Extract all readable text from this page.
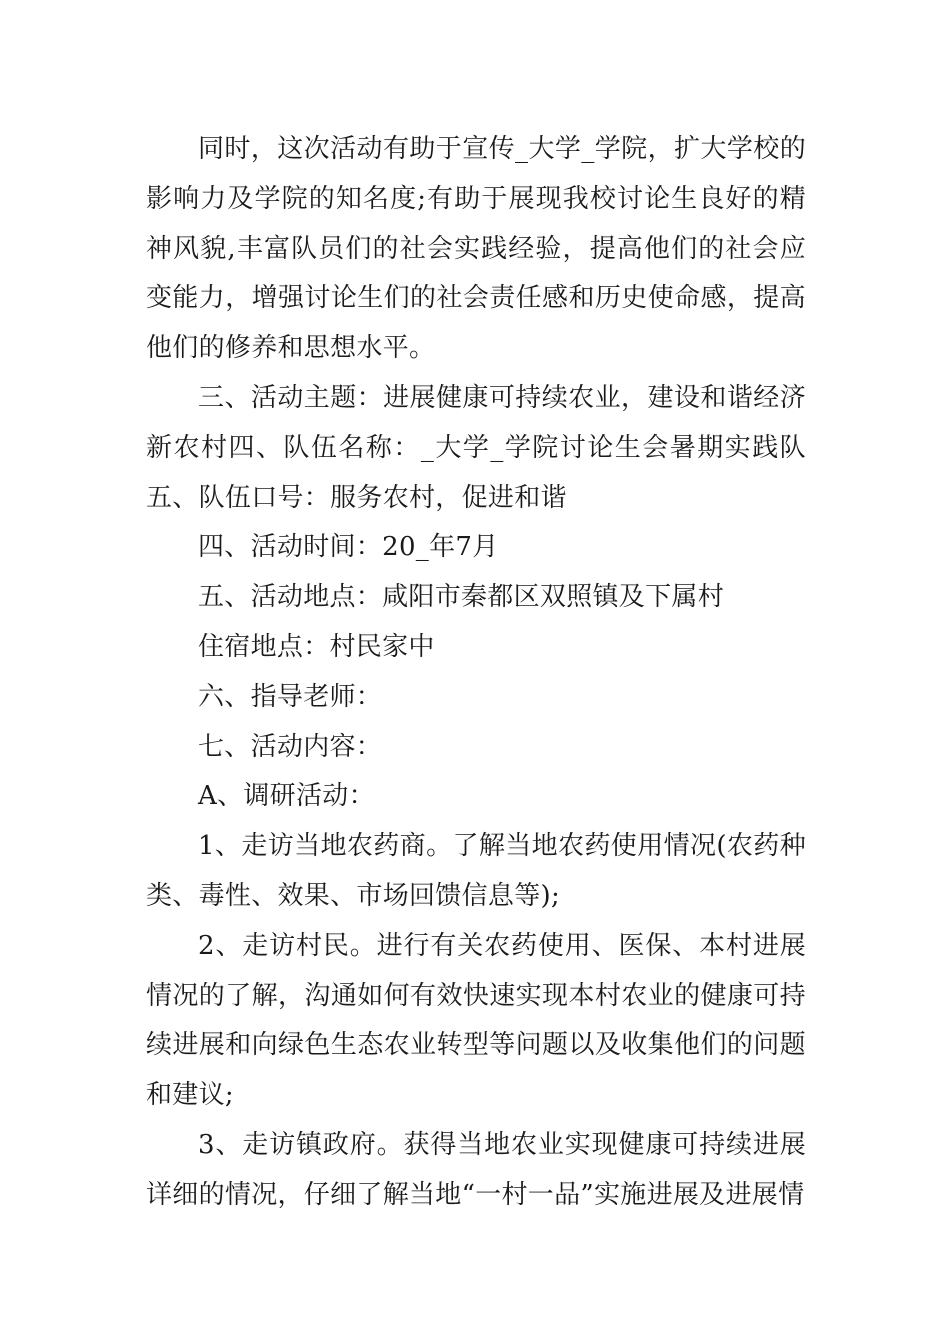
同时，这次活动有助于宣传_大学_学院，扩大学校的影响力及学院的知名度;有助于展现我校讨论生良好的精神风貌,丰富队员们的社会实践经验，提高他们的社会应变能力，增强讨论生们的社会责任感和历史使命感，提高他们的修养和思想水平。

三、活动主题：进展健康可持续农业，建设和谐经济新农村四、队伍名称：_大学_学院讨论生会暑期实践队五、队伍口号：服务农村，促进和谐

四、活动时间：20_年7月

五、活动地点：咸阳市秦都区双照镇及下属村

住宿地点：村民家中

六、指导老师：

七、活动内容：

A、调研活动：

1、走访当地农药商。了解当地农药使用情况(农药种类、毒性、效果、市场回馈信息等);

2、走访村民。进行有关农药使用、医保、本村进展情况的了解，沟通如何有效快速实现本村农业的健康可持续进展和向绿色生态农业转型等问题以及收集他们的问题和建议;

3、走访镇政府。获得当地农业实现健康可持续进展详细的情况，仔细了解当地“一村一品”实施进展及进展情
